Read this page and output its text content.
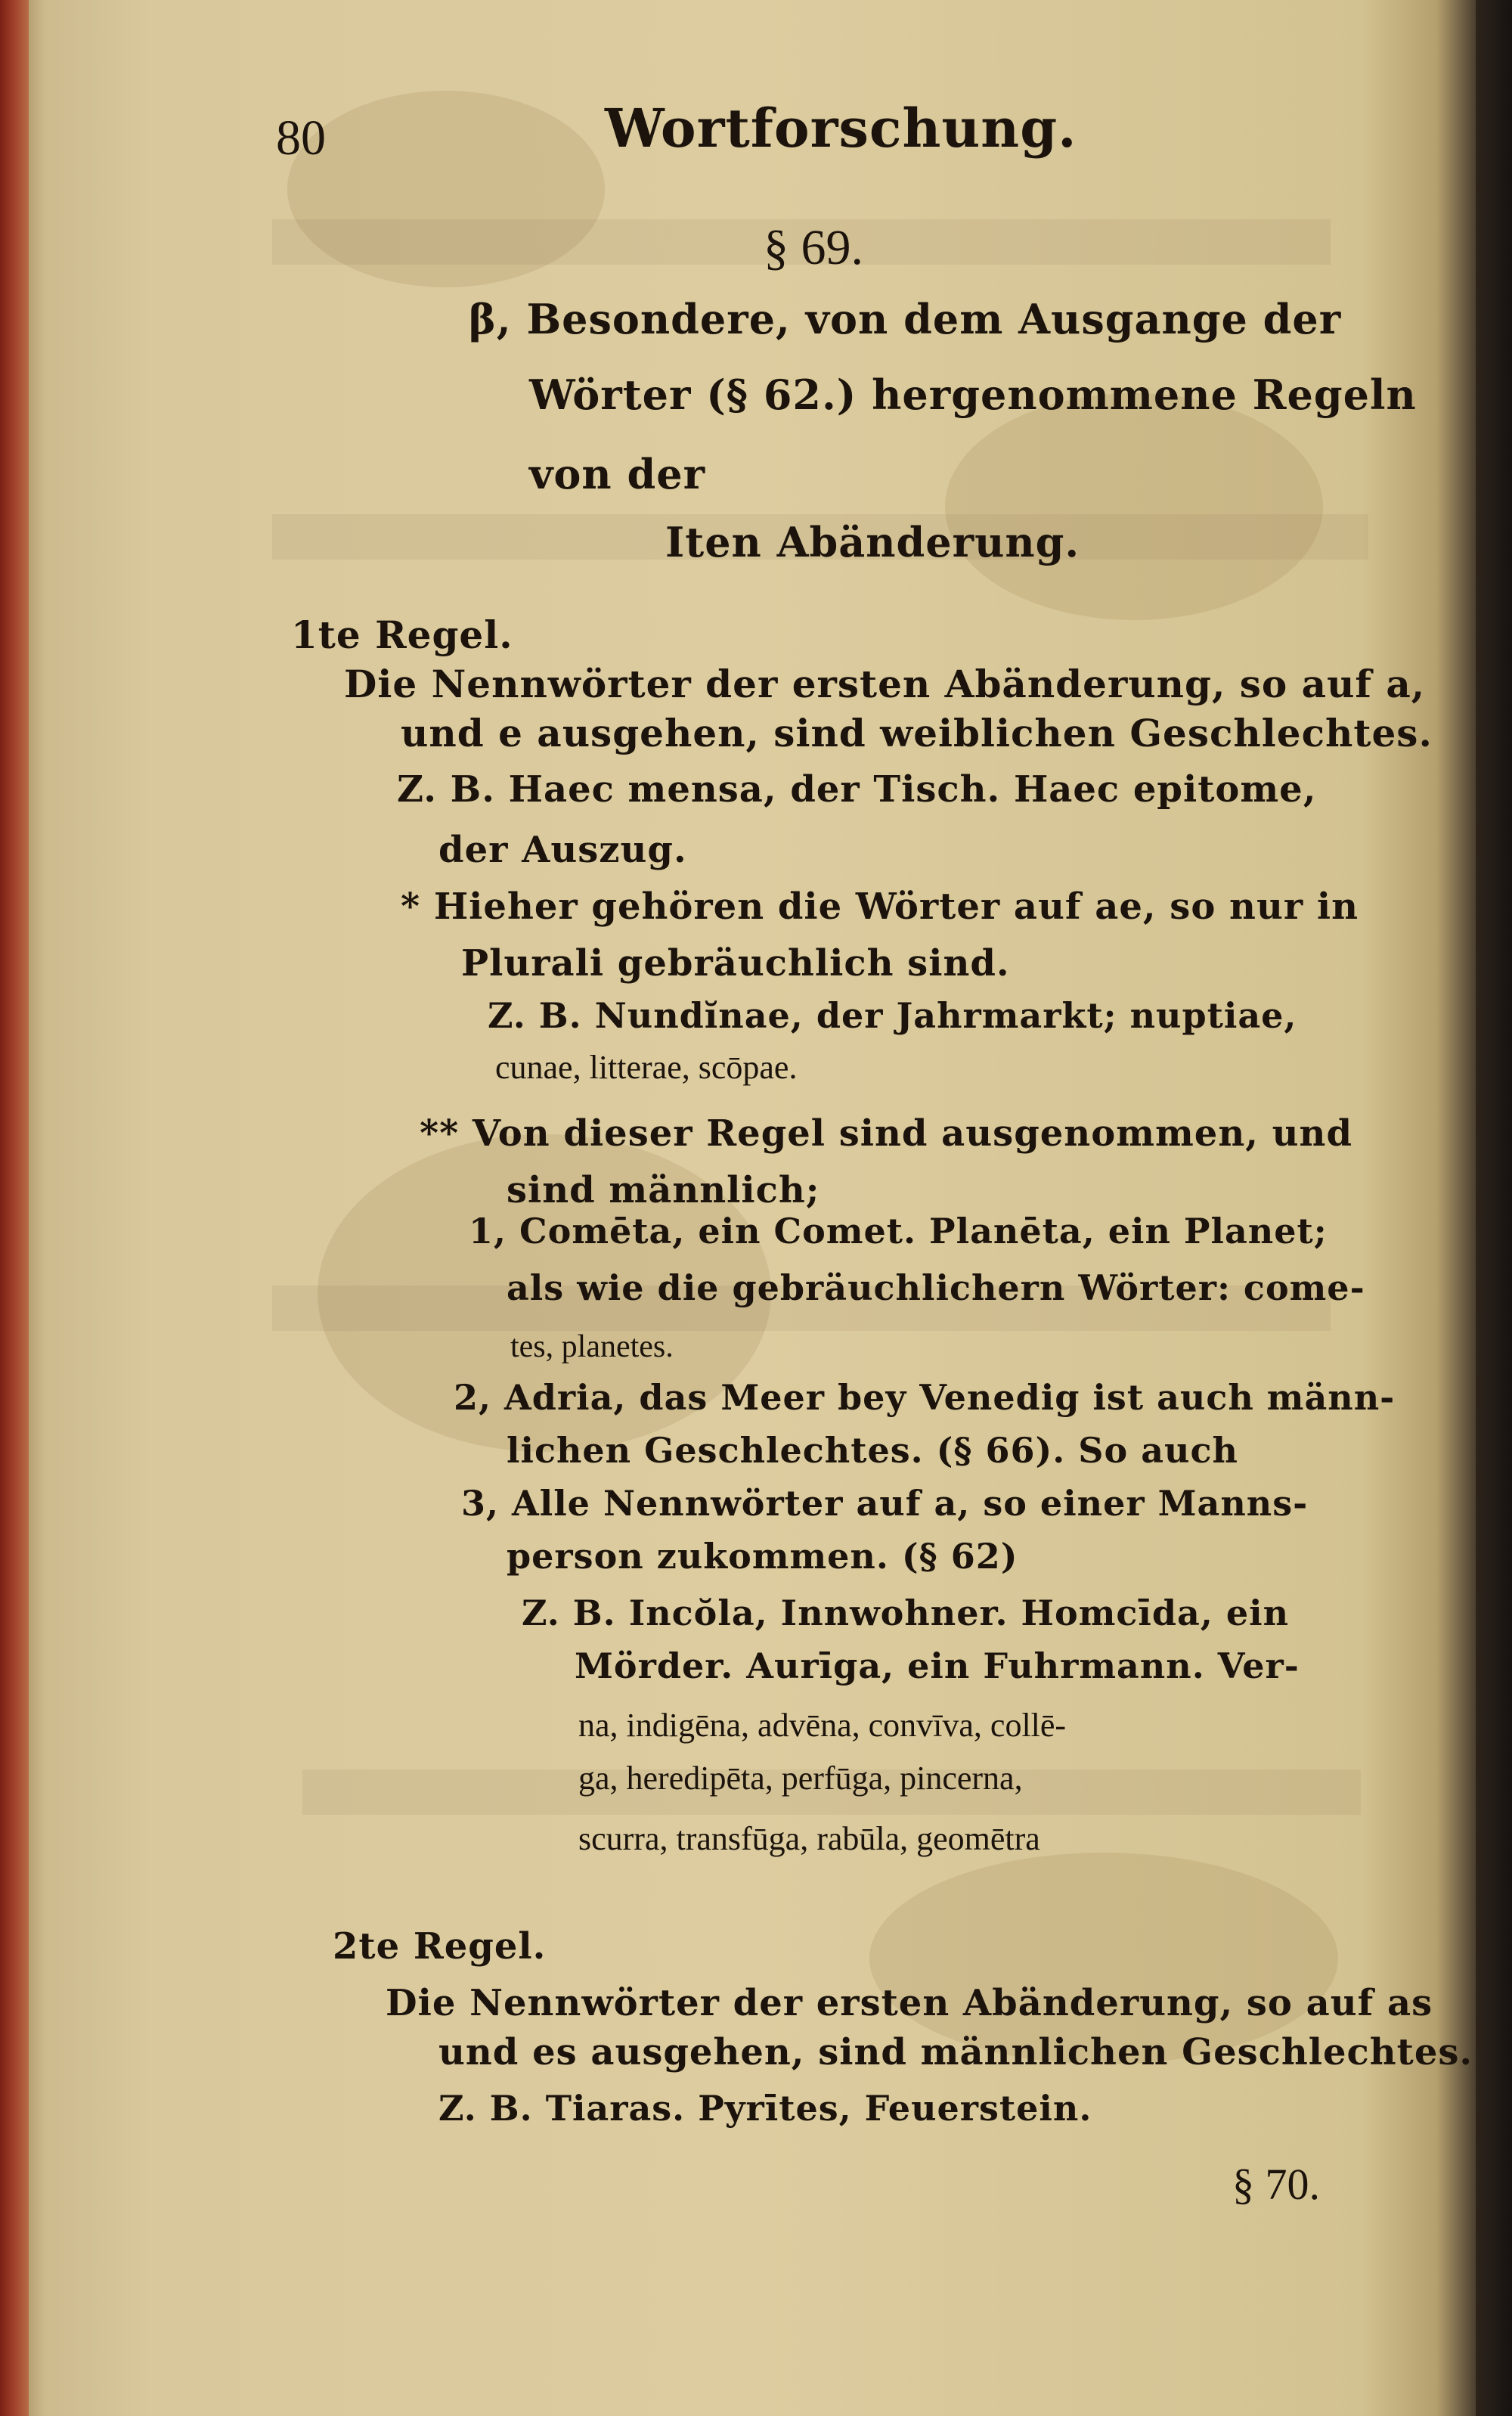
80	Wortforschung.
§ 69.
β, Besondere, von dem Ausgange der
Wörter (§ 62.) hergenommene Regeln
von der
Iten Abänderung.
1te Regel.
Die Nennwörter der ersten Abänderung, so auf a,
und e ausgehen, sind weiblichen Geschlechtes.
Z. B. Haec mensa, der Tisch. Haec epitome,
der Auszug.
* Hieher gehören die Wörter auf ae, so nur in
Plurali gebräuchlich sind.
Z. B. Nundĭnae, der Jahrmarkt; nuptiae,
cunae, litterae, scōpae.
** Von dieser Regel sind ausgenommen, und
sind männlich;
1, Comēta, ein Comet. Planēta, ein Planet;
als wie die gebräuchlichern Wörter: come-
tes, planetes.
2, Adria, das Meer bey Venedig ist auch männ-
lichen Geschlechtes. (§ 66). So auch
3, Alle Nennwörter auf a, so einer Manns-
person zukommen. (§ 62)
Z. B. Incŏla, Innwohner. Homcīda, ein
Mörder. Aurīga, ein Fuhrmann. Ver-
na, indigēna, advēna, convīva, collē-
ga, heredipēta, perfūga, pincerna,
scurra, transfūga, rabūla, geomētra
2te Regel.
Die Nennwörter der ersten Abänderung, so auf as
und es ausgehen, sind männlichen Geschlechtes.
Z. B. Tiaras. Pyrītes, Feuerstein.
§ 70.
